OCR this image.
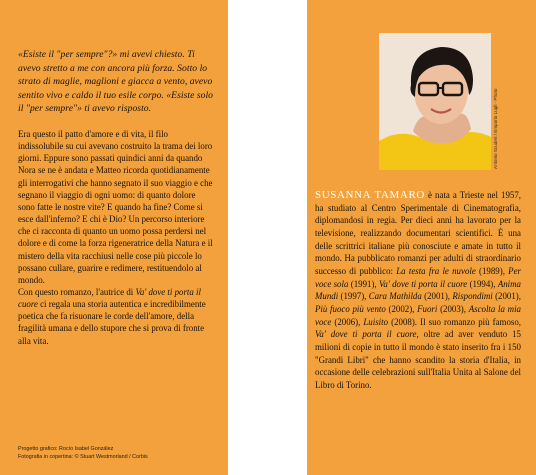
«Esiste il "per sempre"?» mi avevi chiesto. Ti avevo stretto a me con ancora più forza. Sotto lo strato di maglie, maglioni e giacca a vento, avevo sentito vivo e caldo il tuo esile corpo. «Esiste solo il "per sempre"» ti avevo risposto.

Era questo il patto d'amore e di vita, il filo indissolubile su cui avevano costruito la trama dei loro giorni. Eppure sono passati quindici anni da quando Nora se ne è andata e Matteo ricorda quotidianamente gli interrogativi che hanno segnato il suo viaggio e che segnano il viaggio di ogni uomo: di quanto dolore sono fatte le nostre vite? E quando ha fine? Come si esce dall'inferno? E chi è Dio? Un percorso interiore che ci racconta di quanto un uomo possa perdersi nel dolore e di come la forza rigeneratrice della Natura e il mistero della vita racchiusi nelle cose più piccole lo possano cullare, guarire e redimere, restituendolo al mondo.

Con questo romanzo, l'autrice di Va' dove ti porta il cuore ci regala una storia autentica e incredibilmente poetica che fa risuonare le corde dell'amore, della fragilità umana e dello stupore che si prova di fronte alla vita.

Progetto grafico: Rocío Isabel González
Fotografia in copertina: © Stuart Westmorland / Corbis
Antonio Scuderi / Emporio Lugli · Photo
SUSANNA TAMARO è nata a Trieste nel 1957, ha studiato al Centro Sperimentale di Cinematografia, diplomandosi in regia. Per dieci anni ha lavorato per la televisione, realizzando documentari scientifici. È una delle scrittrici italiane più conosciute e amate in tutto il mondo. Ha pubblicato romanzi per adulti di straordinario successo di pubblico: La testa fra le nuvole (1989), Per voce sola (1991), Va' dove ti porta il cuore (1994), Anima Mundi (1997), Cara Mathilda (2001), Rispondimi (2001), Più fuoco più vento (2002), Fuori (2003), Ascolta la mia voce (2006), Luisito (2008). Il suo romanzo più famoso, Va' dove ti porta il cuore, oltre ad aver venduto 15 milioni di copie in tutto il mondo è stato inserito fra i 150 "Grandi Libri" che hanno scandito la storia d'Italia, in occasione delle celebrazioni sull'Italia Unita al Salone del Libro di Torino.
